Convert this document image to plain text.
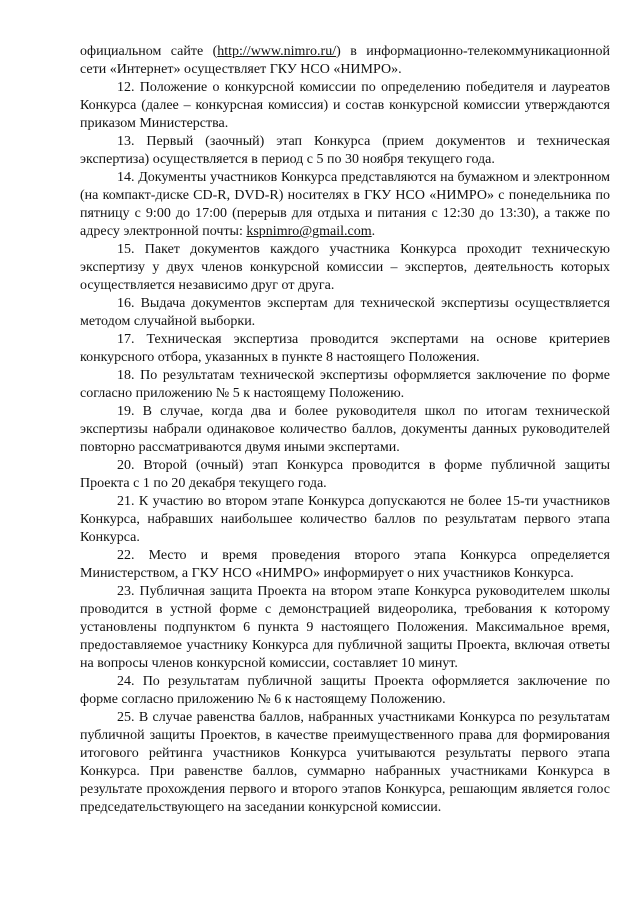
официальном сайте (http://www.nimro.ru/) в информационно-телекоммуникационной сети «Интернет» осуществляет ГКУ НСО «НИМРО».

12. Положение о конкурсной комиссии по определению победителя и лауреатов Конкурса (далее – конкурсная комиссия) и состав конкурсной комиссии утверждаются приказом Министерства.

13. Первый (заочный) этап Конкурса (прием документов и техническая экспертиза) осуществляется в период с 5 по 30 ноября текущего года.

14. Документы участников Конкурса представляются на бумажном и электронном (на компакт-диске CD-R, DVD-R) носителях в ГКУ НСО «НИМРО» с понедельника по пятницу с 9:00 до 17:00 (перерыв для отдыха и питания с 12:30 до 13:30), а также по адресу электронной почты: kspnimro@gmail.com.

15. Пакет документов каждого участника Конкурса проходит техническую экспертизу у двух членов конкурсной комиссии – экспертов, деятельность которых осуществляется независимо друг от друга.

16. Выдача документов экспертам для технической экспертизы осуществляется методом случайной выборки.

17. Техническая экспертиза проводится экспертами на основе критериев конкурсного отбора, указанных в пункте 8 настоящего Положения.

18. По результатам технической экспертизы оформляется заключение по форме согласно приложению № 5 к настоящему Положению.

19. В случае, когда два и более руководителя школ по итогам технической экспертизы набрали одинаковое количество баллов, документы данных руководителей повторно рассматриваются двумя иными экспертами.

20. Второй (очный) этап Конкурса проводится в форме публичной защиты Проекта с 1 по 20 декабря текущего года.

21. К участию во втором этапе Конкурса допускаются не более 15-ти участников Конкурса, набравших наибольшее количество баллов по результатам первого этапа Конкурса.

22. Место и время проведения второго этапа Конкурса определяется Министерством, а ГКУ НСО «НИМРО» информирует о них участников Конкурса.

23. Публичная защита Проекта на втором этапе Конкурса руководителем школы проводится в устной форме с демонстрацией видеоролика, требования к которому установлены подпунктом 6 пункта 9 настоящего Положения. Максимальное время, предоставляемое участнику Конкурса для публичной защиты Проекта, включая ответы на вопросы членов конкурсной комиссии, составляет 10 минут.

24. По результатам публичной защиты Проекта оформляется заключение по форме согласно приложению № 6 к настоящему Положению.

25. В случае равенства баллов, набранных участниками Конкурса по результатам публичной защиты Проектов, в качестве преимущественного права для формирования итогового рейтинга участников Конкурса учитываются результаты первого этапа Конкурса. При равенстве баллов, суммарно набранных участниками Конкурса в результате прохождения первого и второго этапов Конкурса, решающим является голос председательствующего на заседании конкурсной комиссии.
